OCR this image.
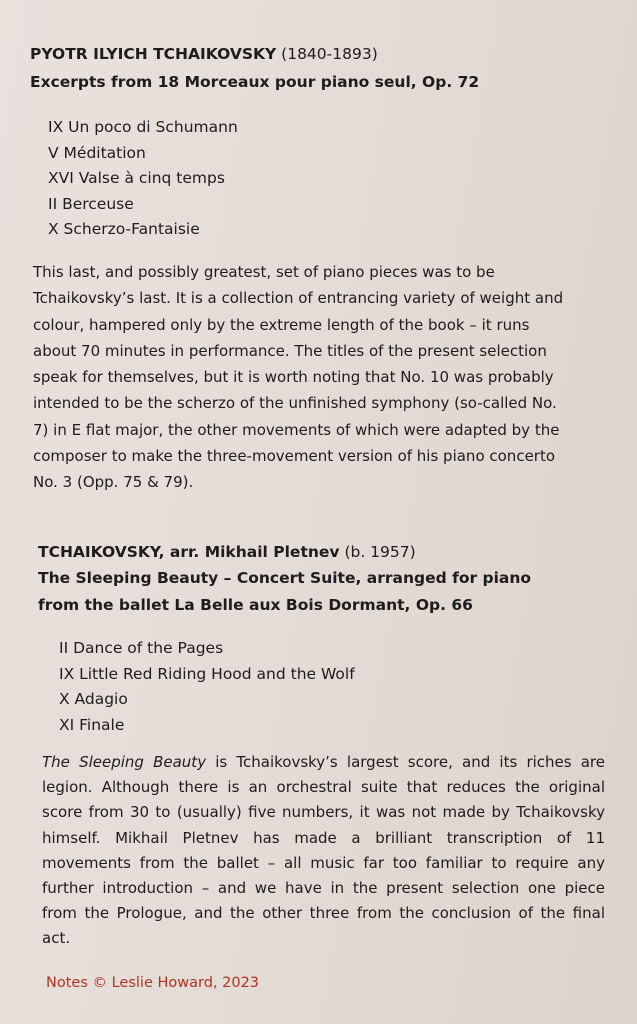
PYOTR ILYICH TCHAIKOVSKY (1840-1893)
Excerpts from 18 Morceaux pour piano seul, Op. 72
IX Un poco di Schumann
V Méditation
XVI Valse à cinq temps
II Berceuse
X Scherzo-Fantaisie
This last, and possibly greatest, set of piano pieces was to be
Tchaikovsky’s last. It is a collection of entrancing variety of weight and
colour, hampered only by the extreme length of the book – it runs
about 70 minutes in performance. The titles of the present selection
speak for themselves, but it is worth noting that No. 10 was probably
intended to be the scherzo of the unfinished symphony (so-called No.
7) in E flat major, the other movements of which were adapted by the
composer to make the three-movement version of his piano concerto
No. 3 (Opp. 75 & 79).
TCHAIKOVSKY, arr. Mikhail Pletnev (b. 1957)
The Sleeping Beauty – Concert Suite, arranged for piano
from the ballet La Belle aux Bois Dormant, Op. 66
II Dance of the Pages
IX Little Red Riding Hood and the Wolf
X Adagio
XI Finale
The Sleeping Beauty is Tchaikovsky’s largest score, and its riches are
legion. Although there is an orchestral suite that reduces the original
score from 30 to (usually) five numbers, it was not made by Tchaikovsky
himself. Mikhail Pletnev has made a brilliant transcription of 11
movements from the ballet – all music far too familiar to require any
further introduction – and we have in the present selection one piece
from the Prologue, and the other three from the conclusion of the final
act.
Notes © Leslie Howard, 2023
